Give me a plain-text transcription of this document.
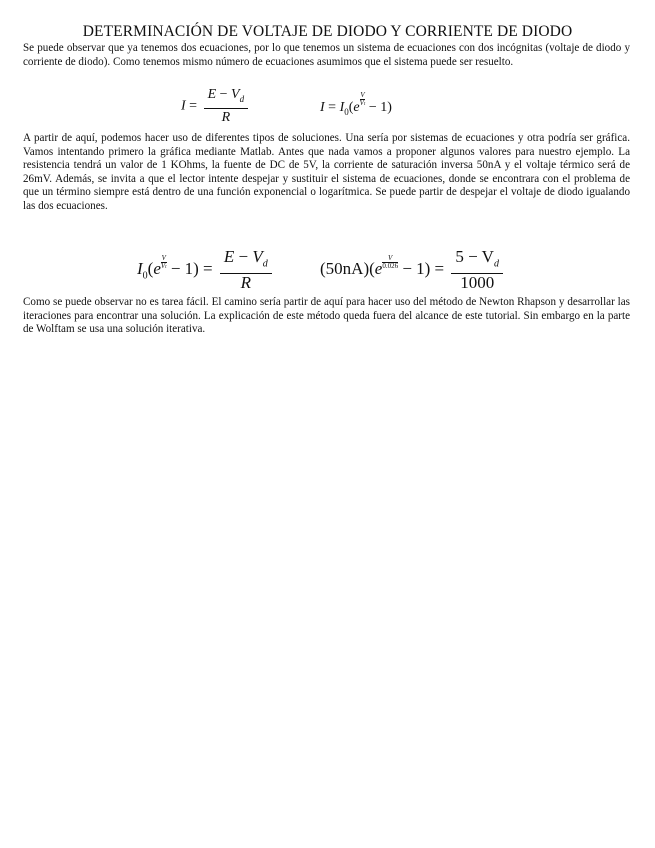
DETERMINACIÓN DE VOLTAJE DE DIODO Y CORRIENTE DE DIODO
Se puede observar que ya tenemos dos ecuaciones, por lo que tenemos un sistema de ecuaciones con dos incógnitas (voltaje de diodo y corriente de diodo). Como tenemos mismo número de ecuaciones asumimos que el sistema puede ser resuelto.
$I = \frac{E - V_d}{R}$	$I = I_0(e \frac{V}{Vt} - 1)$
A partir de aquí, podemos hacer uso de diferentes tipos de soluciones. Una sería por sistemas de ecuaciones y otra podría ser gráfica. Vamos intentando primero la gráfica mediante Matlab. Antes que nada vamos a proponer algunos valores para nuestro ejemplo. La resistencia tendrá un valor de 1 KOhms, la fuente de DC de 5V, la corriente de saturación inversa 50nA y el voltaje térmico será de 26mV. Además, se invita a que el lector intente despejar y sustituir el sistema de ecuaciones, donde se encontrara con el problema de que un término siempre está dentro de una función exponencial o logarítmica. Se puede partir de despejar el voltaje de diodo igualando las dos ecuaciones.
$I_0(e \frac{V}{Vt} - 1) = \frac{E - V_d}{R}$	$(50nA)(e \frac{V}{0.026} - 1) = \frac{5 - V_d}{1000}$
Como se puede observar no es tarea fácil. El camino sería partir de aquí para hacer uso del método de Newton Rhapson y desarrollar las iteraciones para encontrar una solución. La explicación de este método queda fuera del alcance de este tutorial. Sin embargo en la parte de Wolftam se usa una solución iterativa.
